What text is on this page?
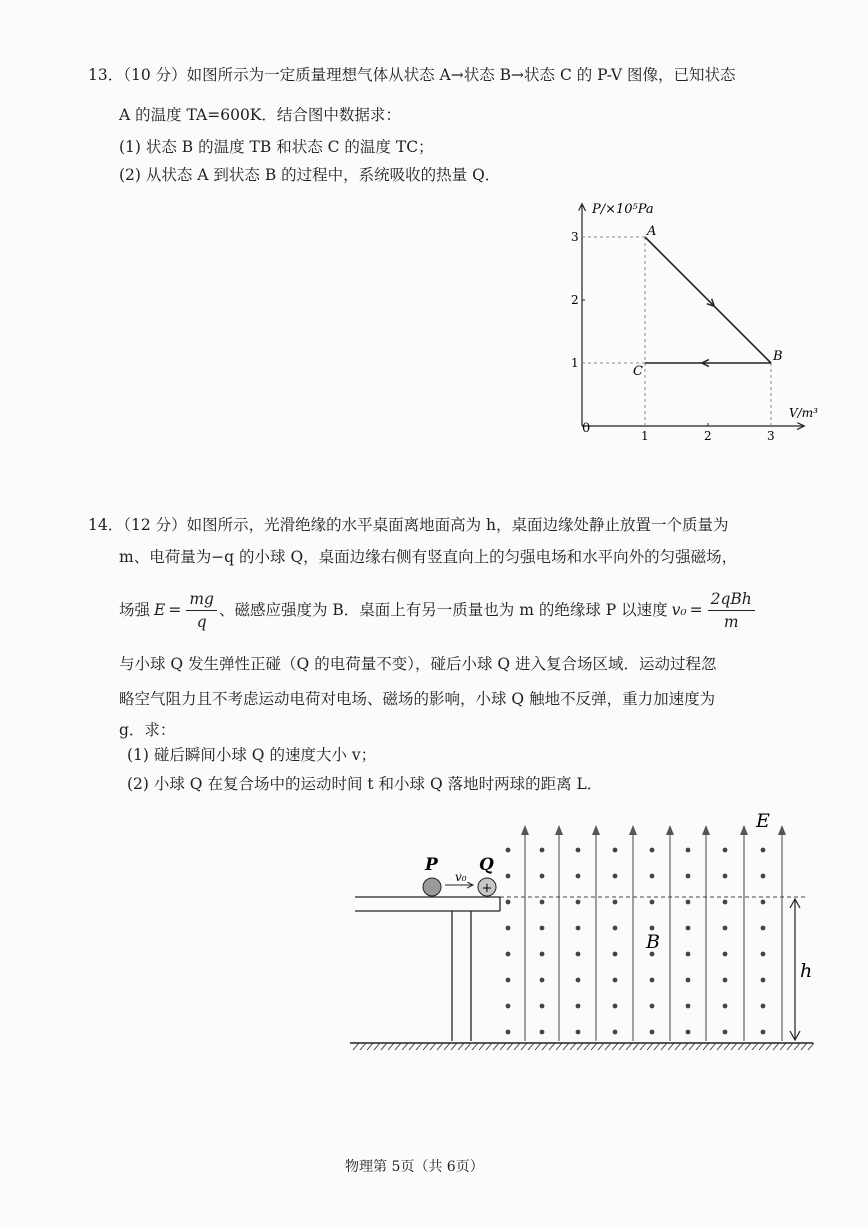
13．（10 分）如图所示为一定质量理想气体从状态 A→状态 B→状态 C 的 P-V 图像，已知状态
A 的温度 TA=600K．结合图中数据求：
(1) 状态 B 的温度 TB 和状态 C 的温度 TC；
(2) 从状态 A 到状态 B 的过程中，系统吸收的热量 Q．
1	2	3
1
2
3	A
B
C
0
P/×10⁵Pa
V/m³
14．（12 分）如图所示，光滑绝缘的水平桌面离地面高为 h，桌面边缘处静止放置一个质量为
m、电荷量为−q 的小球 Q，桌面边缘右侧有竖直向上的匀强电场和水平向外的匀强磁场，
场强 $E = \frac{mg}{q}$ 、磁感应强度为 B．桌面上有另一质量也为 m 的绝缘球 P 以速度 $v_0 = \frac{\text{2qBh}}{m}$
与小球 Q 发生弹性正碰（Q 的电荷量不变），碰后小球 Q 进入复合场区域．运动过程忽
略空气阻力且不考虑运动电荷对电场、磁场的影响，小球 Q 触地不反弹，重力加速度为
g．求：
(1) 碰后瞬间小球 Q 的速度大小 v；
(2) 小球 Q 在复合场中的运动时间 t 和小球 Q 落地时两球的距离 L．
+
P Q
v₀
E
B
h
物理第 5页（共 6页）
